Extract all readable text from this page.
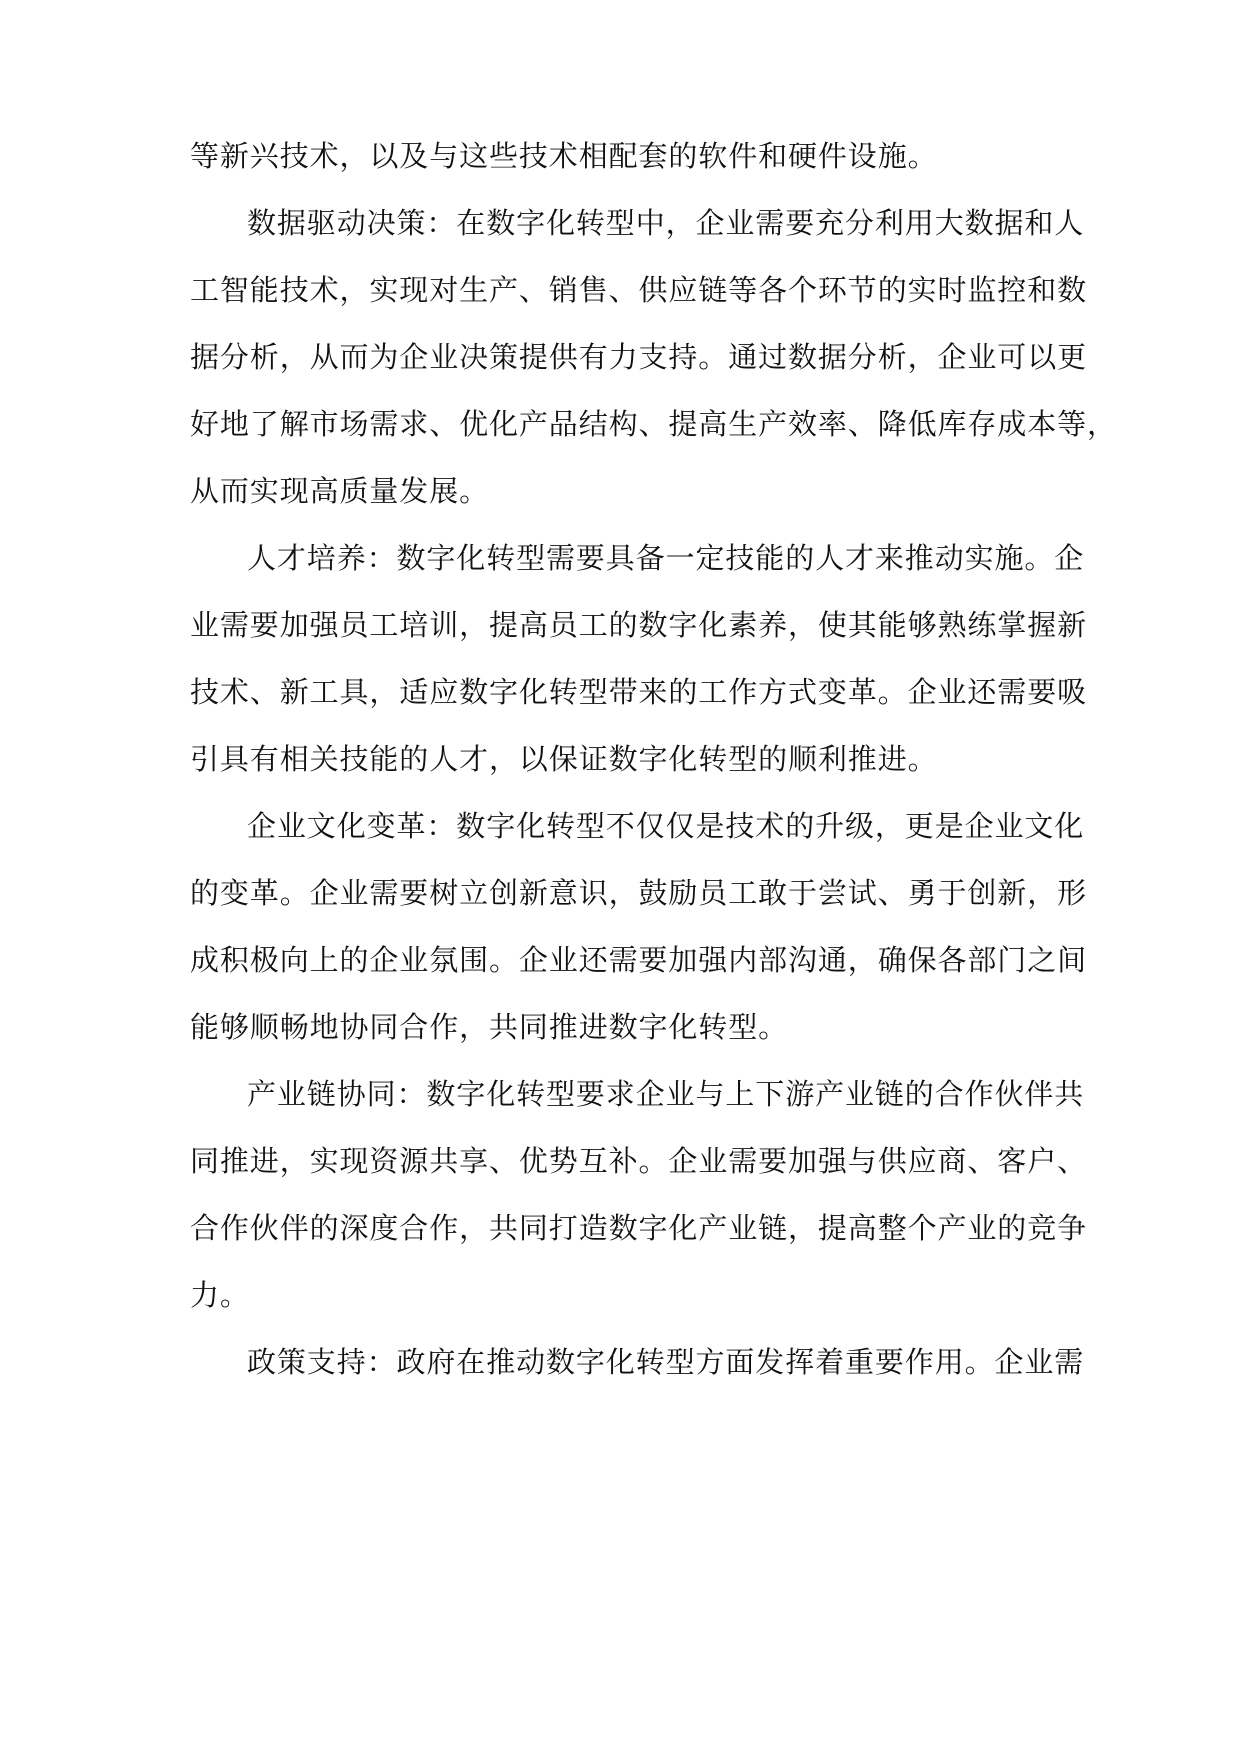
等新兴技术，以及与这些技术相配套的软件和硬件设施。
数据驱动决策：在数字化转型中，企业需要充分利用大数据和人
工智能技术，实现对生产、销售、供应链等各个环节的实时监控和数
据分析，从而为企业决策提供有力支持。通过数据分析，企业可以更
好地了解市场需求、优化产品结构、提高生产效率、降低库存成本等，
从而实现高质量发展。
人才培养：数字化转型需要具备一定技能的人才来推动实施。企
业需要加强员工培训，提高员工的数字化素养，使其能够熟练掌握新
技术、新工具，适应数字化转型带来的工作方式变革。企业还需要吸
引具有相关技能的人才，以保证数字化转型的顺利推进。
企业文化变革：数字化转型不仅仅是技术的升级，更是企业文化
的变革。企业需要树立创新意识，鼓励员工敢于尝试、勇于创新，形
成积极向上的企业氛围。企业还需要加强内部沟通，确保各部门之间
能够顺畅地协同合作，共同推进数字化转型。
产业链协同：数字化转型要求企业与上下游产业链的合作伙伴共
同推进，实现资源共享、优势互补。企业需要加强与供应商、客户、
合作伙伴的深度合作，共同打造数字化产业链，提高整个产业的竞争
力。
政策支持：政府在推动数字化转型方面发挥着重要作用。企业需
